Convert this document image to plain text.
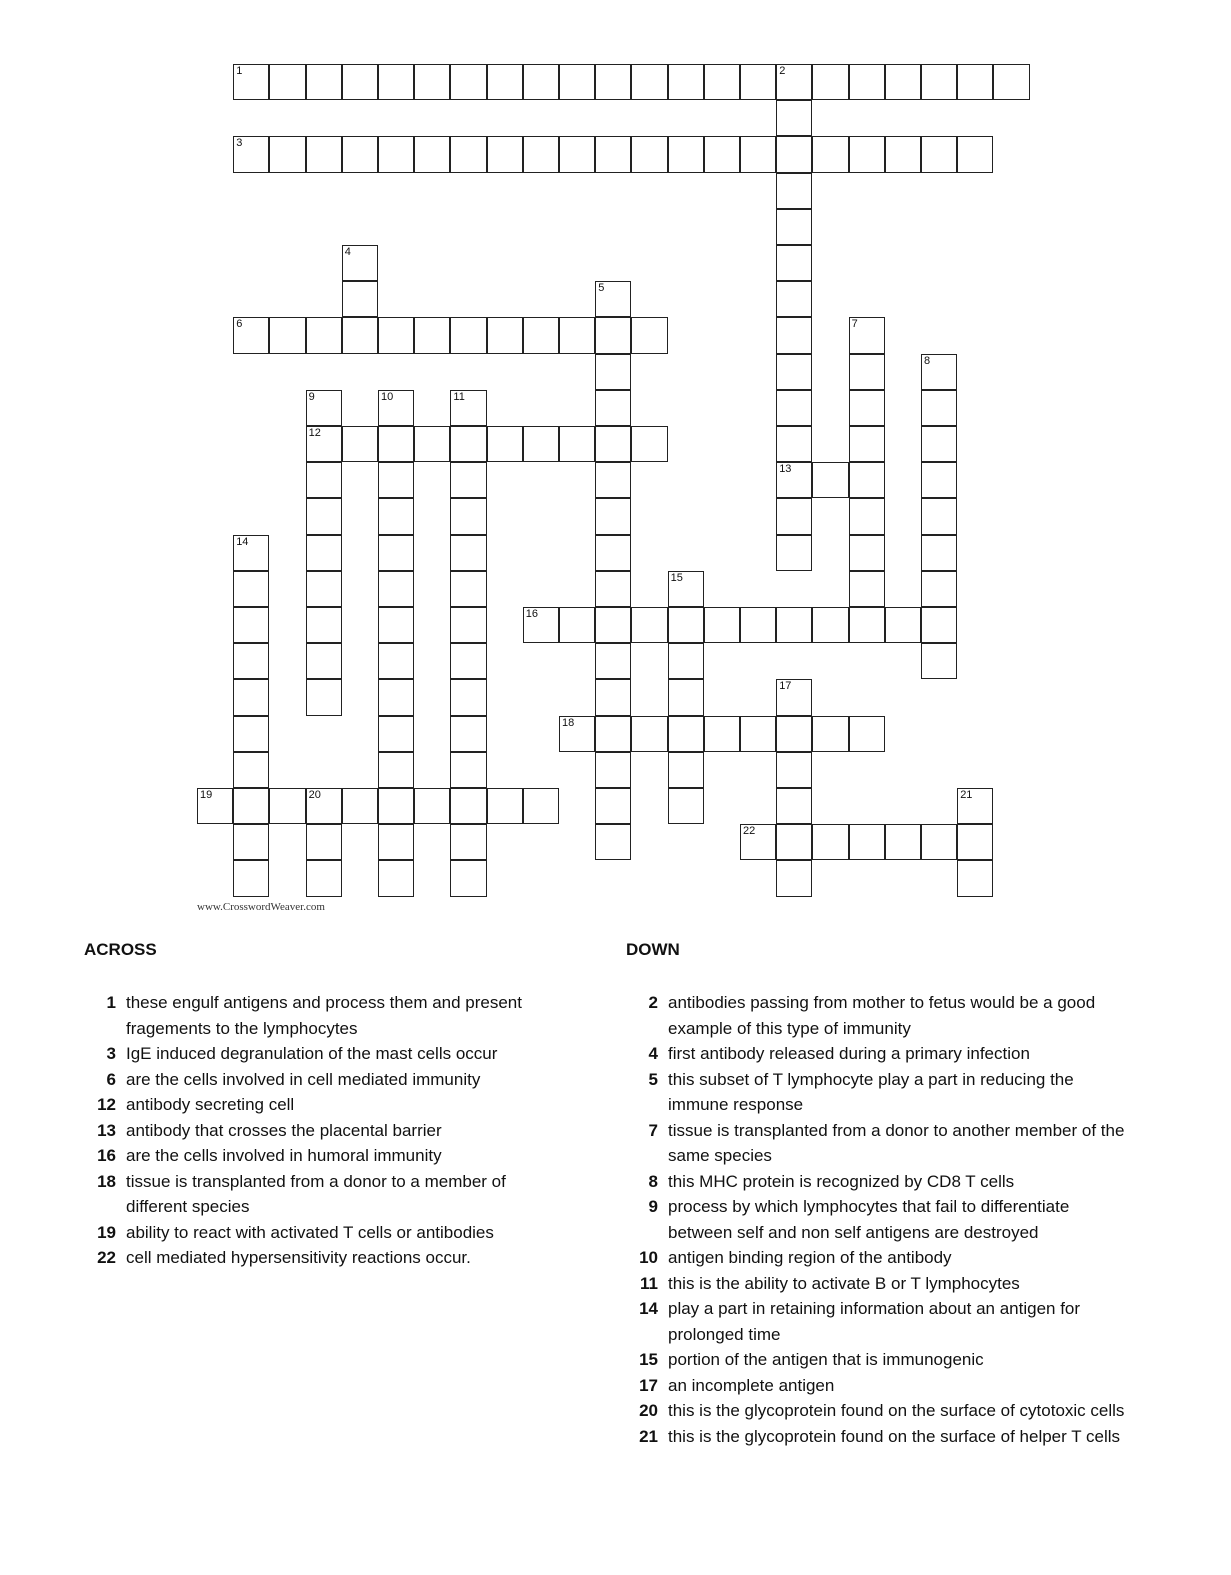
1	2
3
6
12
13
16
18
19	20
22
4
5
7
8
9	10	11
14
15
17
21
www.CrosswordWeaver.com
ACROSS
1 these engulf antigens and process them and present fragements to the lymphocytes
3 IgE induced degranulation of the mast cells occur
6 are the cells involved in cell mediated immunity
12 antibody secreting cell
13 antibody that crosses the placental barrier
16 are the cells involved in humoral immunity
18 tissue is transplanted from a donor to a member of different species
19 ability to react with activated T cells or antibodies
22 cell mediated hypersensitivity reactions occur.
DOWN
2 antibodies passing from mother to fetus would be a good example of this type of immunity
4 first antibody released during a primary infection
5 this subset of T lymphocyte play a part in reducing the immune response
7 tissue is transplanted from a donor to another member of the same species
8 this MHC protein is recognized by CD8 T cells
9 process by which lymphocytes that fail to differentiate between self and non self antigens are destroyed
10 antigen binding region of the antibody
11 this is the ability to activate B or T lymphocytes
14 play a part in retaining information about an antigen for prolonged time
15 portion of the antigen that is immunogenic
17 an incomplete antigen
20 this is the glycoprotein found on the surface of cytotoxic cells
21 this is the glycoprotein found on the surface of helper T cells
